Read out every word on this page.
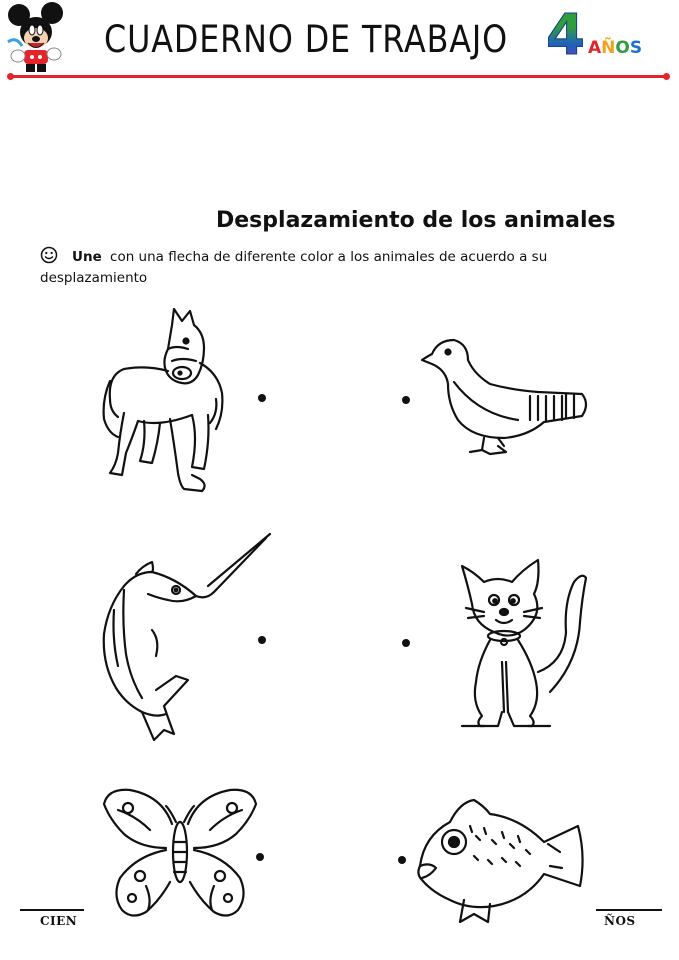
CUADERNO DE TRABAJO 4 AÑOS
Desplazamiento de los animales
Une con una flecha de diferente color a los animales de acuerdo a su desplazamiento
CIEN	ÑOS
